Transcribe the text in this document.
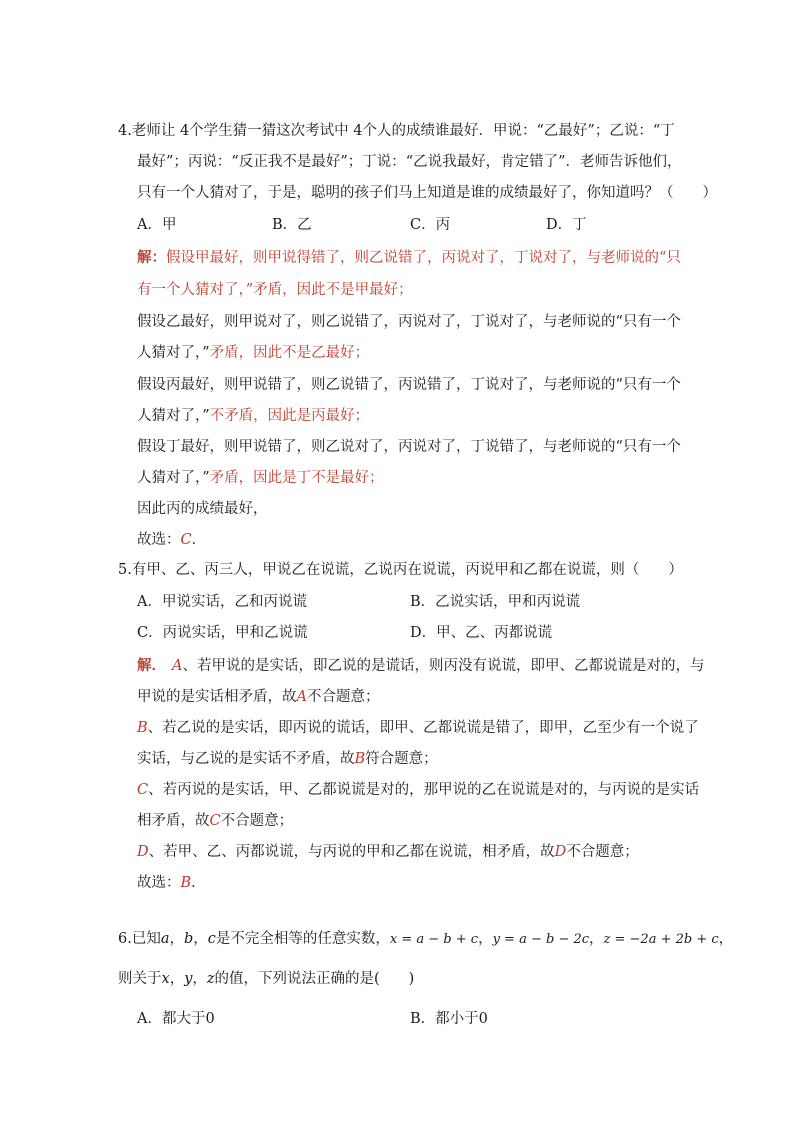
4.老师让 4个学生猜一猜这次考试中 4个人的成绩谁最好．甲说：“乙最好”；乙说：“丁
最好”；丙说：“反正我不是最好”；丁说：“乙说我最好，肯定错了”．老师告诉他们，
只有一个人猜对了，于是，聪明的孩子们马上知道是谁的成绩最好了，你知道吗？（　　）
A．甲	B．乙	C．丙	D．丁
解：假设甲最好，则甲说得错了，则乙说错了，丙说对了，丁说对了，与老师说的“只
有一个人猜对了，”矛盾，因此不是甲最好；
假设乙最好，则甲说对了，则乙说错了，丙说对了，丁说对了，与老师说的“只有一个
人猜对了，”矛盾，因此不是乙最好；
假设丙最好，则甲说错了，则乙说错了，丙说错了，丁说对了，与老师说的“只有一个
人猜对了，”不矛盾，因此是丙最好；
假设丁最好，则甲说错了，则乙说对了，丙说对了，丁说错了，与老师说的“只有一个
人猜对了，”矛盾，因此是丁不是最好；
因此丙的成绩最好，
故选：C．
5.有甲、乙、丙三人，甲说乙在说谎，乙说丙在说谎，丙说甲和乙都在说谎，则（　　）
A．甲说实话，乙和丙说谎	B．乙说实话，甲和丙说谎
C．丙说实话，甲和乙说谎	D．甲、乙、丙都说谎
解． A、若甲说的是实话，即乙说的是谎话，则丙没有说谎，即甲、乙都说谎是对的，与
甲说的是实话相矛盾，故A不合题意；
B、若乙说的是实话，即丙说的谎话，即甲、乙都说谎是错了，即甲，乙至少有一个说了
实话，与乙说的是实话不矛盾，故B符合题意；
C、若丙说的是实话，甲、乙都说谎是对的，那甲说的乙在说谎是对的，与丙说的是实话
相矛盾，故C不合题意；
D、若甲、乙、丙都说谎，与丙说的甲和乙都在说谎，相矛盾，故D不合题意；
故选：B．
6.已知a，b，c是不完全相等的任意实数，x = a − b + c，y = a − b − 2c，z = −2a + 2b + c，
则关于x，y，z的值，下列说法正确的是(　　)
A．都大于0	B．都小于0
